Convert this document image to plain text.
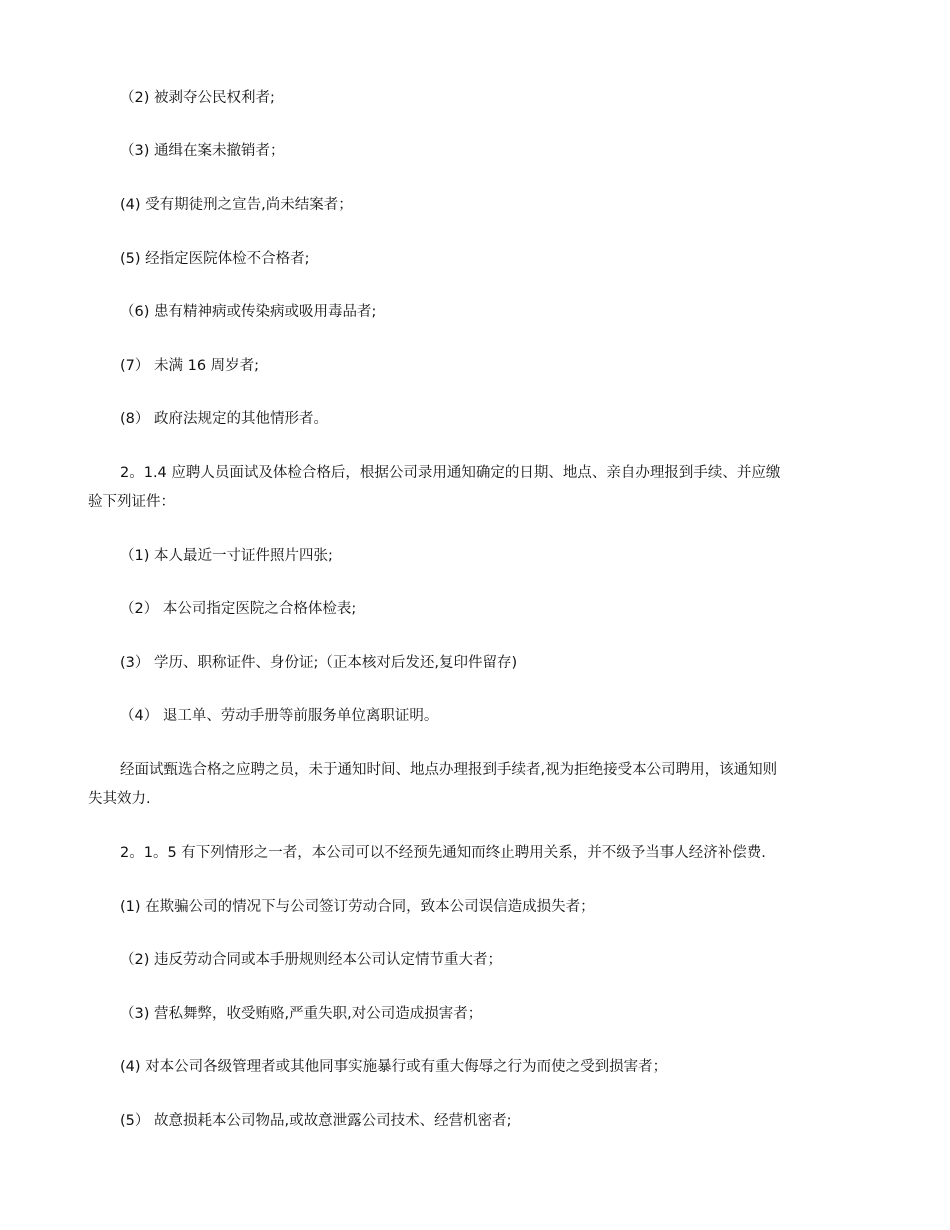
（2) 被剥夺公民权利者;
（3) 通缉在案未撤销者；
(4) 受有期徒刑之宣告,尚未结案者；
(5) 经指定医院体检不合格者;
（6) 患有精神病或传染病或吸用毒品者;
(7） 未满 16 周岁者;
(8） 政府法规定的其他情形者。
2。1.4 应聘人员面试及体检合格后，根据公司录用通知确定的日期、地点、亲自办理报到手续、并应缴
验下列证件：
（1) 本人最近一寸证件照片四张;
（2） 本公司指定医院之合格体检表;
(3） 学历、职称证件、身份证;（正本核对后发还,复印件留存)
（4） 退工单、劳动手册等前服务单位离职证明。
经面试甄选合格之应聘之员，未于通知时间、地点办理报到手续者,视为拒绝接受本公司聘用，该通知则
失其效力.
2。1。5 有下列情形之一者，本公司可以不经预先通知而终止聘用关系，并不级予当事人经济补偿费.
(1) 在欺骗公司的情况下与公司签订劳动合同，致本公司误信造成损失者；
（2) 违反劳动合同或本手册规则经本公司认定情节重大者；
（3) 营私舞弊，收受贿赂,严重失职,对公司造成损害者；
(4) 对本公司各级管理者或其他同事实施暴行或有重大侮辱之行为而使之受到损害者；
(5） 故意损耗本公司物品,或故意泄露公司技术、经营机密者;
